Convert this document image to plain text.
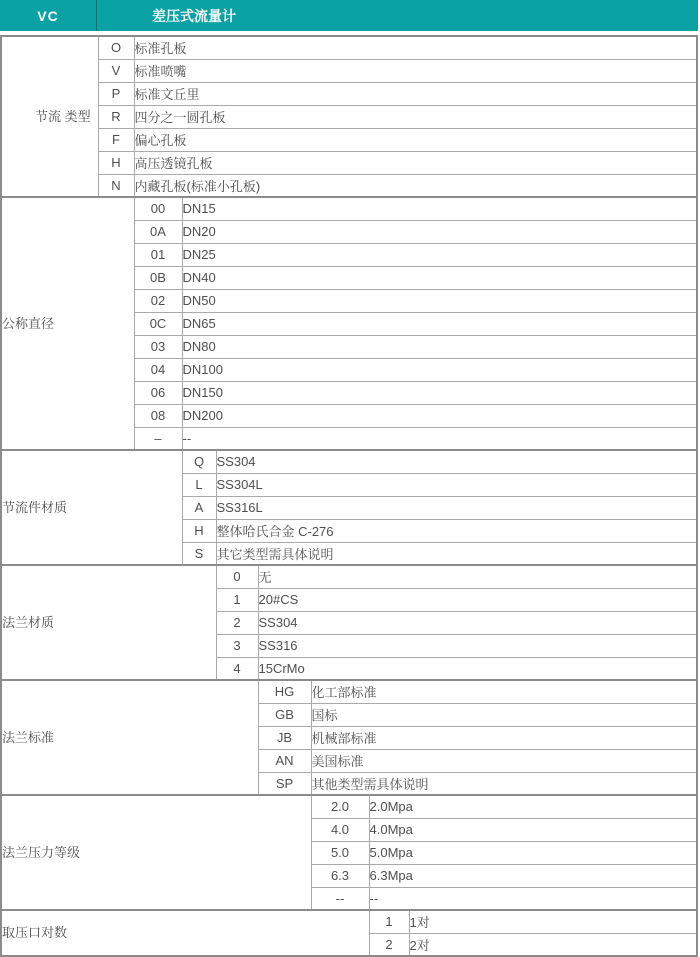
VC	差压式流量计
节流 类型	O	标准孔板						
	V	标准喷嘴						
	P	标准文丘里						
	R	四分之一圆孔板						
	F	偏心孔板						
	H	高压透镜孔板						
	N	内藏孔板(标准小孔板)						
公称直径		00	DN15					
		0A	DN20					
		01	DN25					
		0B	DN40					
		02	DN50					
		0C	DN65					
		03	DN80					
		04	DN100					
		06	DN150					
		08	DN200					
		–	--					
节流件材质			Q	SS304				
			L	SS304L				
			A	SS316L				
			H	整体哈氏合金 C-276				
			S	其它类型需具体说明				
法兰材质				0	无			
				1	20#CS			
				2	SS304			
				3	SS316			
				4	15CrMo			
法兰标准					HG	化工部标准		
					GB	国标		
					JB	机械部标准		
					AN	美国标准		
					SP	其他类型需具体说明		
法兰压力等级						2.0	2.0Mpa	
						4.0	4.0Mpa	
						5.0	5.0Mpa	
						6.3	6.3Mpa	
						--	--	
取压口对数							1	1对
							2	2对
